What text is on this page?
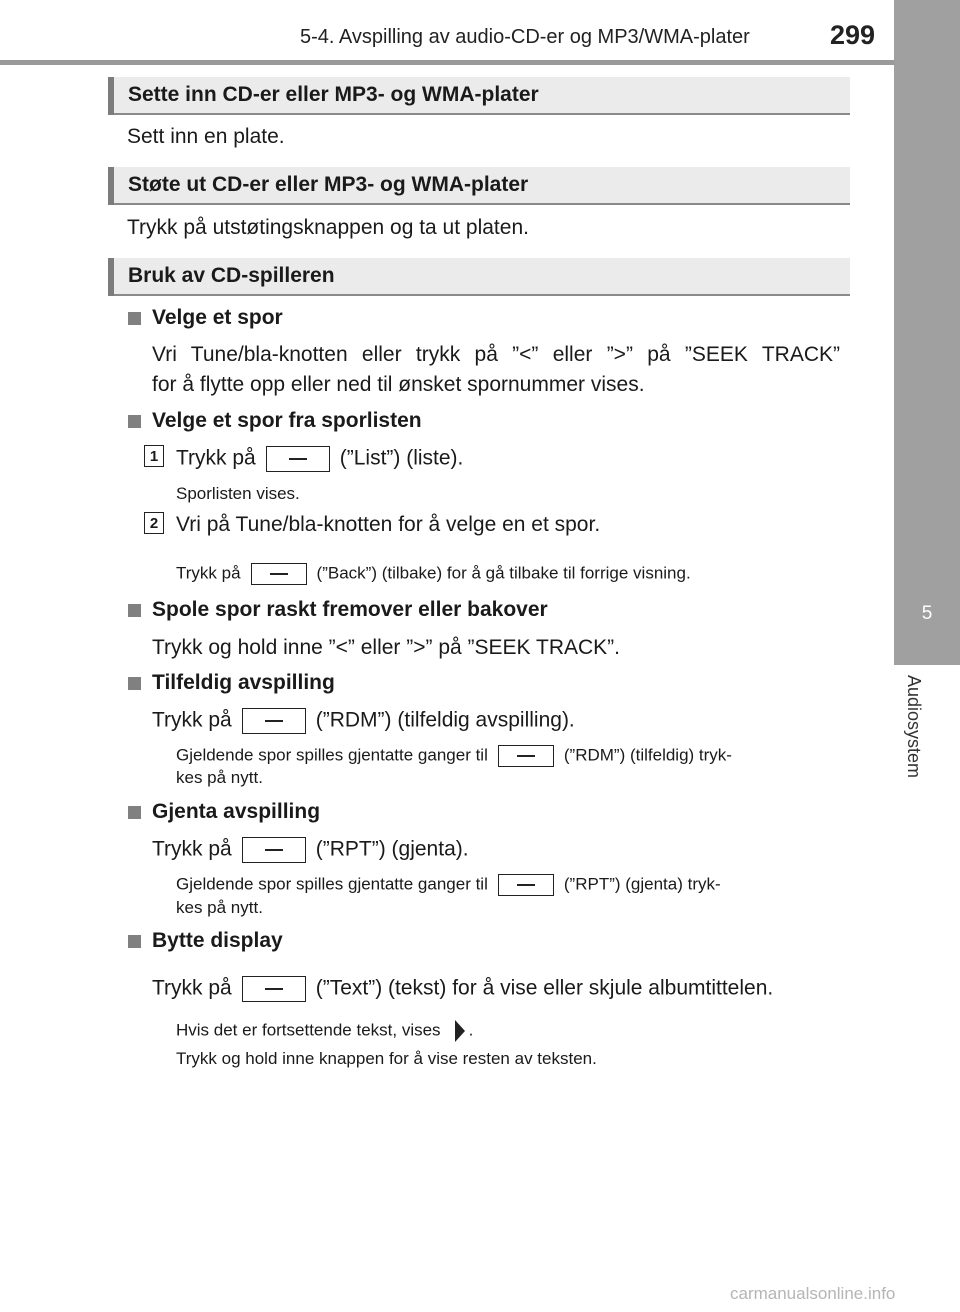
5-4. Avspilling av audio-CD-er og MP3/WMA-plater	299
5
Audiosystem
Sette inn CD-er eller MP3- og WMA-plater
Sett inn en plate.
Støte ut CD-er eller MP3- og WMA-plater
Trykk på utstøtingsknappen og ta ut platen.
Bruk av CD-spilleren
Velge et spor
Vri Tune/bla-knotten eller trykk på ”<” eller ”>” på ”SEEK TRACK”
for å flytte opp eller ned til ønsket spornummer vises.
Velge et spor fra sporlisten
1 Trykk på	(”List”) (liste).
Sporlisten vises.
2 Vri på Tune/bla-knotten for å velge en et spor.
Trykk på	(”Back”) (tilbake) for å gå tilbake til forrige visning.
Spole spor raskt fremover eller bakover
Trykk og hold inne ”<” eller ”>” på ”SEEK TRACK”.
Tilfeldig avspilling
Trykk på	(”RDM”) (tilfeldig avspilling).
Gjeldende spor spilles gjentatte ganger til	(”RDM”) (tilfeldig) tryk-
kes på nytt.
Gjenta avspilling
Trykk på	(”RPT”) (gjenta).
Gjeldende spor spilles gjentatte ganger til	(”RPT”) (gjenta) tryk-
kes på nytt.
Bytte display
Trykk på	(”Text”) (tekst) for å vise eller skjule albumtittelen.
Hvis det er fortsettende tekst, vises .
Trykk og hold inne knappen for å vise resten av teksten.
carmanualsonline.info
